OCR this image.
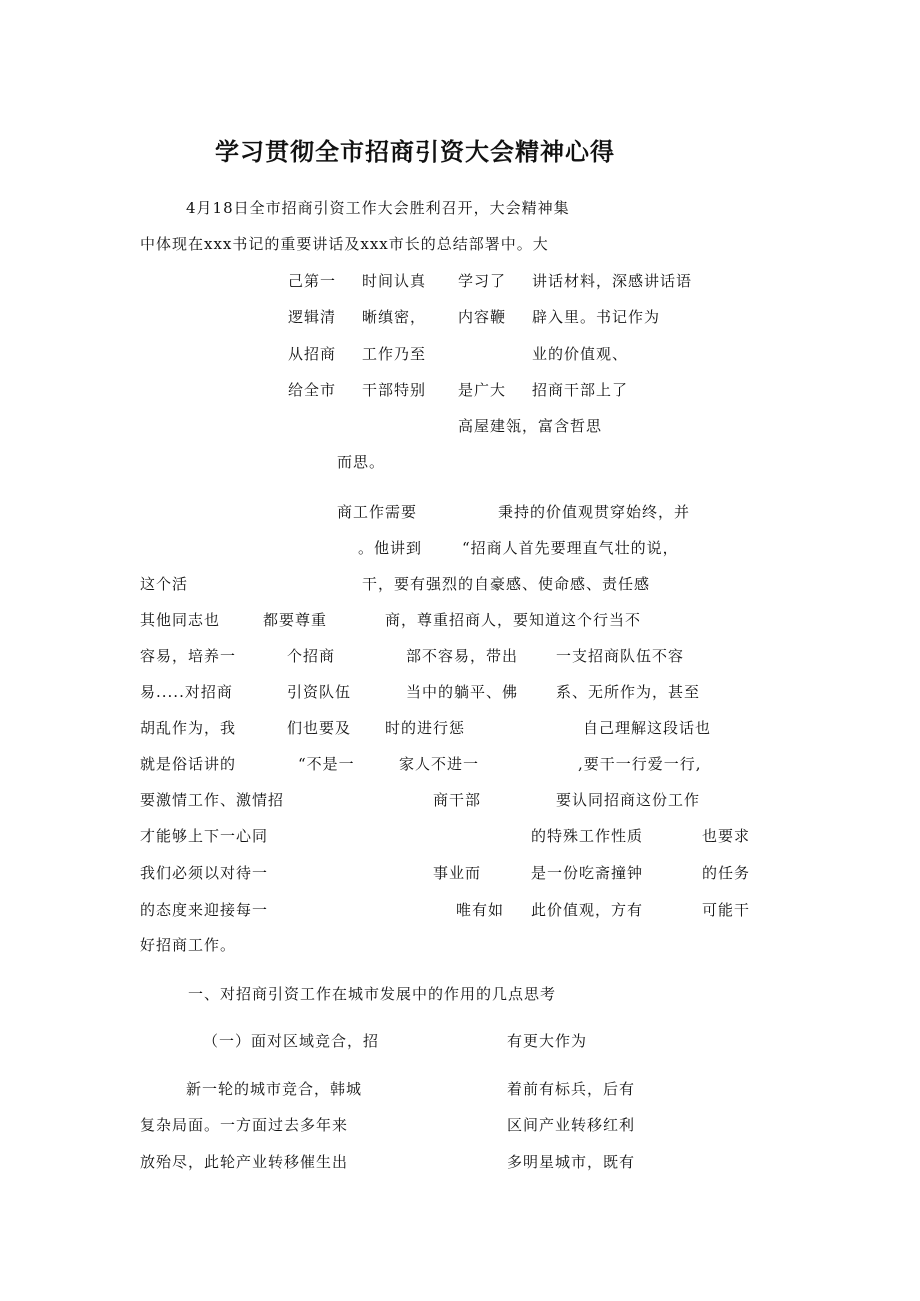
学习贯彻全市招商引资大会精神心得
4月18日全市招商引资工作大会胜利召开，大会精神集
中体现在xxx书记的重要讲话及xxx市长的总结部署中。大
己第一 时间认真 学习了 讲话材料，深感讲话语
逻辑清 晰缜密， 内容鞭 辟入里。书记作为
从招商 工作乃至	业的价值观、
给全市 干部特别 是广大 招商干部上了
高屋建瓴，富含哲思
而思。
商工作需要	秉持的价值观贯穿始终，并
。他讲到	“招商人首先要理直气壮的说，
这个活	干，要有强烈的自豪感、使命感、责任感
其他同志也	都要尊重	商，尊重招商人，要知道这个行当不
容易，培养一	个招商	部不容易，带出	一支招商队伍不容
易.....对招商	引资队伍	当中的躺平、佛	系、无所作为，甚至
胡乱作为，我	们也要及 时的进行惩	自己理解这段话也
就是俗话讲的	“不是一	家人不进一	,要干一行爱一行,
要激情工作、激情招	商干部	要认同招商这份工作
才能够上下一心同	的特殊工作性质	也要求
我们必须以对待一	事业而	是一份吃斋撞钟	的任务
的态度来迎接每一	唯有如 此价值观，方有	可能干
好招商工作。
一、对招商引资工作在城市发展中的作用的几点思考
（一）面对区域竞合，招	有更大作为
新一轮的城市竞合，韩城	着前有标兵，后有
复杂局面。一方面过去多年来	区间产业转移红利
放殆尽，此轮产业转移催生出	多明星城市，既有
